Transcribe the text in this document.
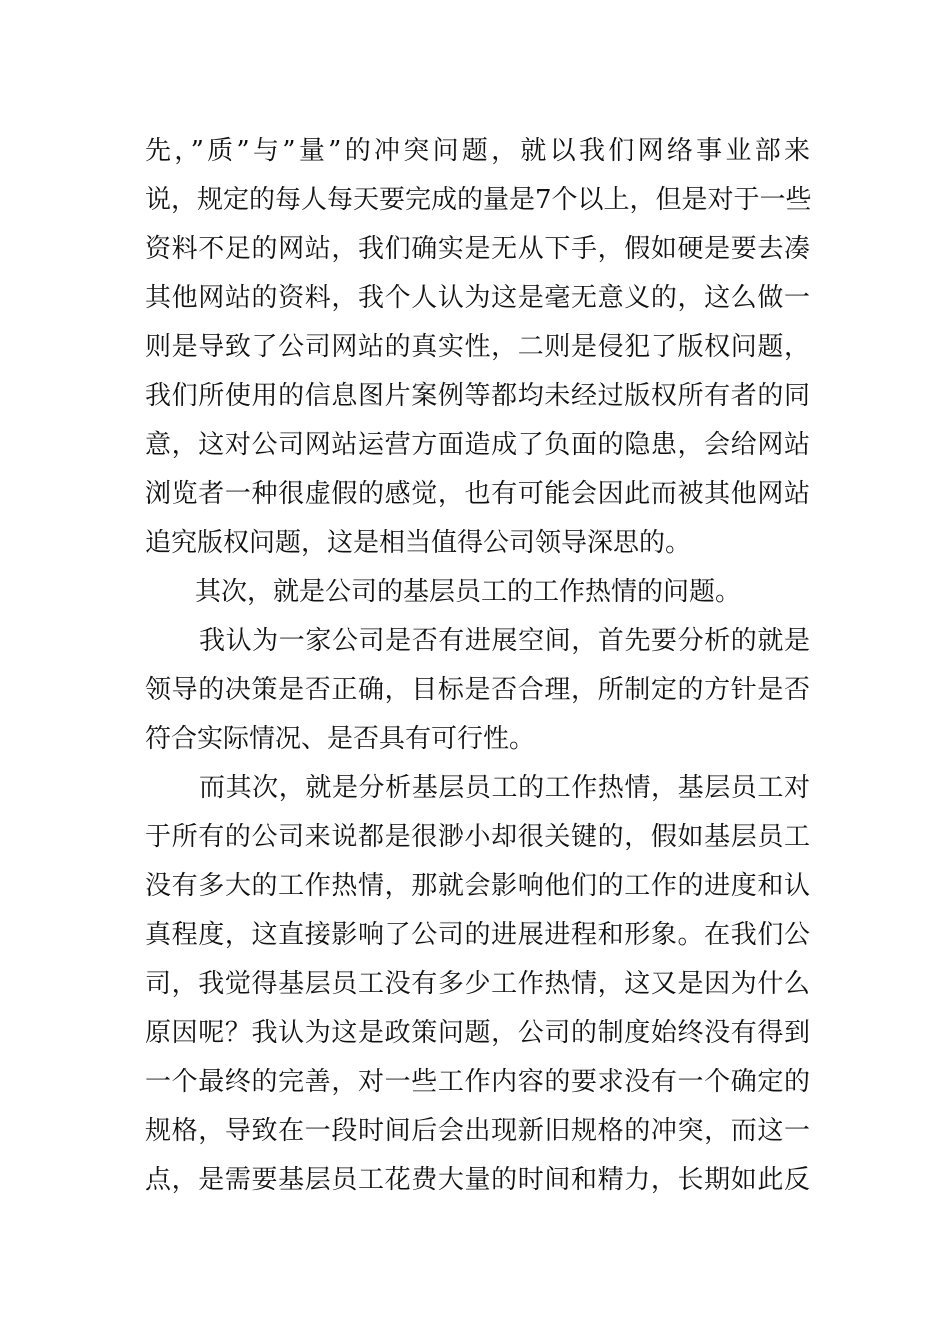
先，”质”与”量”的冲突问题，就以我们网络事业部来
说，规定的每人每天要完成的量是7个以上，但是对于一些
资料不足的网站，我们确实是无从下手，假如硬是要去凑
其他网站的资料，我个人认为这是毫无意义的，这么做一
则是导致了公司网站的真实性，二则是侵犯了版权问题，
我们所使用的信息图片案例等都均未经过版权所有者的同
意，这对公司网站运营方面造成了负面的隐患，会给网站
浏览者一种很虚假的感觉，也有可能会因此而被其他网站
追究版权问题，这是相当值得公司领导深思的。
其次，就是公司的基层员工的工作热情的问题。
我认为一家公司是否有进展空间，首先要分析的就是
领导的决策是否正确，目标是否合理，所制定的方针是否
符合实际情况、是否具有可行性。
而其次，就是分析基层员工的工作热情，基层员工对
于所有的公司来说都是很渺小却很关键的，假如基层员工
没有多大的工作热情，那就会影响他们的工作的进度和认
真程度，这直接影响了公司的进展进程和形象。在我们公
司，我觉得基层员工没有多少工作热情，这又是因为什么
原因呢？我认为这是政策问题，公司的制度始终没有得到
一个最终的完善，对一些工作内容的要求没有一个确定的
规格，导致在一段时间后会出现新旧规格的冲突，而这一
点，是需要基层员工花费大量的时间和精力，长期如此反
